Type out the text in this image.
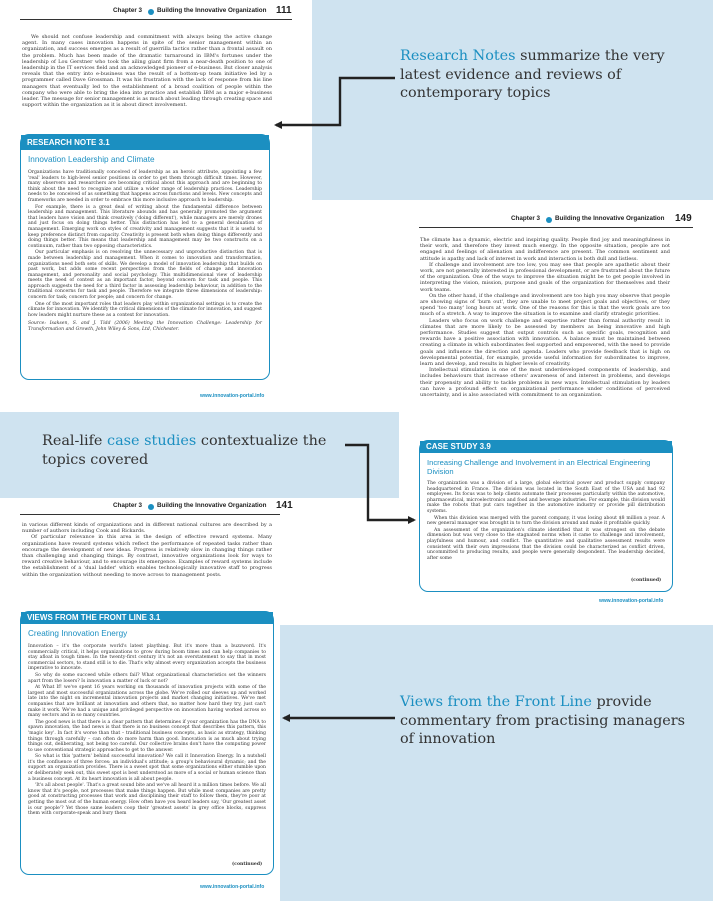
Chapter 3 Building the Innovative Organization 111

We should not confuse leadership and commitment with always being the active change agent. In many cases innovation happens in spite of the senior management within an organization, and success emerges as a result of guerrilla tactics rather than a frontal assault on the problem. Much has been made of the dramatic turnaround in IBM's fortunes under the leadership of Lou Gerstner who took the ailing giant firm from a near-death position to one of leadership in the IT services field and an acknowledged pioneer of e-business. But closer analysis reveals that the entry into e-business was the result of a bottom-up team initiative led by a programmer called Dave Grossman. It was his frustration with the lack of response from his line managers that eventually led to the establishment of a broad coalition of people within the company who were able to bring the idea into practice and establish IBM as a major e-business leader. The message for senior management is as much about leading through creating space and support within the organization as it is about direct involvement.

RESEARCH NOTE 3.1
Innovation Leadership and Climate

Organizations have traditionally conceived of leadership as an heroic attribute, appointing a few 'real' leaders to high-level senior positions in order to get them through difficult times. However, many observers and researchers are becoming critical about this approach and are beginning to think about the need to recognize and utilize a wider range of leadership practices. Leadership needs to be conceived of as something that happens across functions and levels. New concepts and frameworks are needed in order to embrace this more inclusive approach to leadership.

For example, there is a great deal of writing about the fundamental difference between leadership and management. This literature abounds and has generally promoted the argument that leaders have vision and think creatively ('doing different'), while managers are merely drones and just focus on doing things better. This distinction has led to a general devaluation of management. Emerging work on styles of creativity and management suggests that it is useful to keep preference distinct from capacity. Creativity is present both when doing things differently and doing things better. This means that leadership and management may be two constructs on a continuum, rather than two opposing characteristics.

Our particular emphasis is on resolving the unnecessary and unproductive distinction that is made between leadership and management. When it comes to innovation and transformation, organizations need both sets of skills. We develop a model of innovation leadership that builds on past work, but adds some recent perspectives from the fields of change and innovation management, and personality and social psychology. This multidimensional view of leadership meets the need of context as an important factor, beyond concern for task and people. This approach suggests the need for a third factor in assessing leadership behaviour, in addition to the traditional concerns for task and people. Therefore we integrate three dimensions of leadership: concern for task; concern for people; and concern for change.

One of the most important roles that leaders play within organizational settings is to create the climate for innovation. We identify the critical dimensions of the climate for innovation, and suggest how leaders might nurture these as a context for innovation.

Source: Isaksen, S. and J. Tidd (2006) Meeting the Innovation Challenge: Leadership for Transformation and Growth, John Wiley & Sons, Ltd, Chichester.

www.innovation-portal.info
Chapter 3 Building the Innovative Organization 149

The climate has a dynamic, electric and inspiring quality. People find joy and meaningfulness in their work, and therefore they invest much energy. In the opposite situation, people are not engaged and feelings of alienation and indifference are present. The common sentiment and attitude is apathy and lack of interest in work and interaction is both dull and listless.

If challenge and involvement are too low, you may see that people are apathetic about their work, are not generally interested in professional development, or are frustrated about the future of the organization. One of the ways to improve the situation might be to get people involved in interpreting the vision, mission, purpose and goals of the organization for themselves and their work teams.

On the other hand, if the challenge and involvement are too high you may observe that people are showing signs of 'burn out', they are unable to meet project goals and objectives, or they spend 'too many' long hours at work. One of the reasons for this is that the work goals are too much of a stretch. A way to improve the situation is to examine and clarify strategic priorities.

Leaders who focus on work challenge and expertise rather than formal authority result in climates that are more likely to be assessed by members as being innovative and high performance. Studies suggest that output controls such as specific goals, recognition and rewards have a positive association with innovation. A balance must be maintained between creating a climate in which subordinates feel supported and empowered, with the need to provide goals and influence the direction and agenda. Leaders who provide feedback that is high on developmental potential, for example, provide useful information for subordinates to improve, learn and develop, and results in higher levels of creativity.

Intellectual stimulation is one of the most underdeveloped components of leadership, and includes behaviours that increase others' awareness of and interest in problems, and develops their propensity and ability to tackle problems in new ways. Intellectual stimulation by leaders can have a profound effect on organizational performance under conditions of perceived uncertainty, and is also associated with commitment to an organization.

CASE STUDY 3.9
Increasing Challenge and Involvement in an Electrical Engineering Division

The organization was a division of a large, global electrical power and product supply company headquartered in France. The division was located in the South East of the USA and had 92 employees. Its focus was to help clients automate their processes particularly within the automotive, pharmaceutical, microelectronics and food and beverage industries. For example, this division would make the robots that put cars together in the automotive industry or provide pill distribution systems.

When this division was merged with the parent company, it was losing about $8 million a year. A new general manager was brought in to turn the division around and make it profitable quickly.

An assessment of the organization's climate identified that it was strongest on the debate dimension but was very close to the stagnated norms when it came to challenge and involvement, playfulness and humour, and conflict. The quantitative and qualitative assessment results were consistent with their own impressions that the division could be characterized as conflict driven, uncommitted to producing results, and people were generally despondent. The leadership decided, after some

(continued)
www.innovation-portal.info
Chapter 3 Building the Innovative Organization 141

in various different kinds of organizations and in different national cultures are described by a number of authors including Cook and Rickards.

Of particular relevance in this area is the design of effective reward systems. Many organizations have reward systems which reflect the performance of repeated tasks rather than encourage the development of new ideas. Progress is relatively slow in changing things rather than challenging and changing things. By contrast, innovative organizations look for ways to reward creative behaviour, and to encourage its emergence. Examples of reward systems include the establishment of a 'dual ladder' which enables technologically innovative staff to progress within the organization without needing to move across to management posts.

VIEWS FROM THE FRONT LINE 3.1
Creating Innovation Energy

Innovation – it's the corporate world's latest plaything. But it's more than a buzzword. It's commercially critical, it helps organizations to grow during boom times and can help companies to stay afloat in tough times. In the twenty-first century it's not an overstatement to say that in most commercial sectors, to stand still is to die. That's why almost every organization accepts the business imperative to innovate.

So why do some succeed while others fail? What organizational characteristics set the winners apart from the losers? Is innovation a matter of luck or not?

At What If! we've spent 16 years working on thousands of innovation projects with some of the largest and most successful organizations across the globe. We've rolled our sleeves up and worked late into the night on incremental innovation projects and market changing initiatives. We've met companies that are brilliant at innovation and others that, no matter how hard they try, just can't make it work. We've had a unique and privileged perspective on innovation having worked across so many sectors and in so many countries.

The good news is that there is a clear pattern that determines if your organization has the DNA to spawn innovation, the bad news is that there is no business concept that describes this pattern, this 'magic key'. In fact it's worse than that – traditional business concepts, as basic as strategy, thinking things through carefully – can often do more harm than good. Innovation is as much about trying things out, deliberating, not being too careful. Our collective brains don't have the computing power to use conventional strategic approaches to get to the answer.

So what is this 'pattern' behind successful innovation? We call it Innovation Energy. In a nutshell it's the confluence of three forces: an individual's attitude; a group's behavioural dynamic; and the support an organization provides. There is a sweet spot that some organizations either stumble upon or deliberately seek out, this sweet spot is best understood as more of a social or human science than a business concept. At its heart innovation is all about people.

'It's all about people'. That's a great sound bite and we've all heard it a million times before. We all know that it's people, not processes that make things happen. But while most companies are pretty good at constructing processes that work and disciplining their staff to follow them, they're poor at getting the most out of the human energy. How often have you heard leaders say, 'Our greatest asset is our people'? Yet those same leaders coop their 'greatest assets' in grey office blocks, suppress them with corporate-speak and bury them

(continued)
www.innovation-portal.info
Research Notes summarize the very latest evidence and reviews of contemporary topics
Real-life case studies contextualize the topics covered
Views from the Front Line provide commentary from practising managers of innovation
